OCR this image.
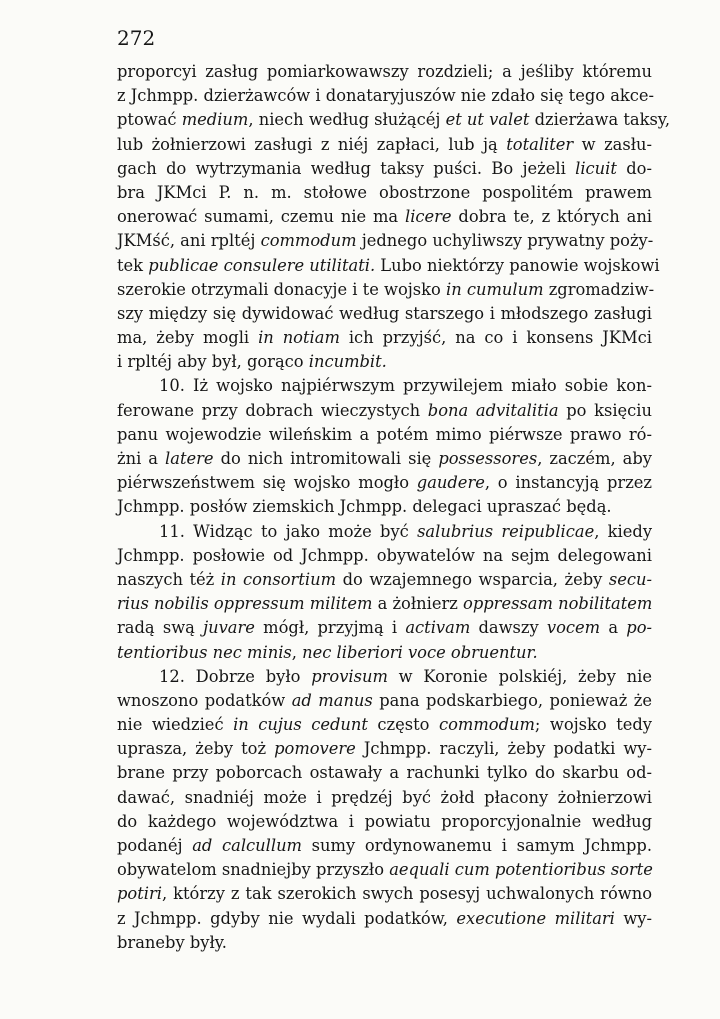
272
proporcyi zasług pomiarkowawszy rozdzieli; a jeśliby któremu
z Jchmpp. dzierżawców i donataryjuszów nie zdało się tego akce-
ptować medium, niech według służącéj et ut valet dzierżawa taksy,
lub żołnierzowi zasługi z niéj zapłaci, lub ją totaliter w zasłu-
gach do wytrzymania według taksy puści. Bo jeżeli licuit do-
bra JKMci P. n. m. stołowe obostrzone pospolitém prawem
onerować sumami, czemu nie ma licere dobra te, z których ani
JKMść, ani rpltéj commodum jednego uchyliwszy prywatny poży-
tek publicae consulere utilitati. Lubo niektórzy panowie wojskowi
szerokie otrzymali donacyje i te wojsko in cumulum zgromadziw-
szy między się dywidować według starszego i młodszego zasługi
ma, żeby mogli in notiam ich przyjść, na co i konsens JKMci
i rpltéj aby był, gorąco incumbit.
10. Iż wojsko najpiérwszym przywilejem miało sobie kon-
ferowane przy dobrach wieczystych bona advitalitia po księciu
panu wojewodzie wileńskim a potém mimo piérwsze prawo ró-
żni a latere do nich intromitowali się possessores, zaczém, aby
piérwszeństwem się wojsko mogło gaudere, o instancyją przez
Jchmpp. posłów ziemskich Jchmpp. delegaci upraszać będą.
11. Widząc to jako może być salubrius reipublicae, kiedy
Jchmpp. posłowie od Jchmpp. obywatelów na sejm delegowani
naszych téż in consortium do wzajemnego wsparcia, żeby secu-
rius nobilis oppressum militem a żołnierz oppressam nobilitatem
radą swą juvare mógł, przyjmą i activam dawszy vocem a po-
tentioribus nec minis, nec liberiori voce obruentur.
12. Dobrze było provisum w Koronie polskiéj, żeby nie
wnoszono podatków ad manus pana podskarbiego, ponieważ że
nie wiedzieć in cujus cedunt często commodum; wojsko tedy
uprasza, żeby toż pomovere Jchmpp. raczyli, żeby podatki wy-
brane przy poborcach ostawały a rachunki tylko do skarbu od-
dawać, snadniéj może i prędzéj być żołd płacony żołnierzowi
do każdego województwa i powiatu proporcyjonalnie według
podanéj ad calcullum sumy ordynowanemu i samym Jchmpp.
obywatelom snadniejby przyszło aequali cum potentioribus sorte
potiri, którzy z tak szerokich swych posesyj uchwalonych równo
z Jchmpp. gdyby nie wydali podatków, executione militari wy-
braneby były.
